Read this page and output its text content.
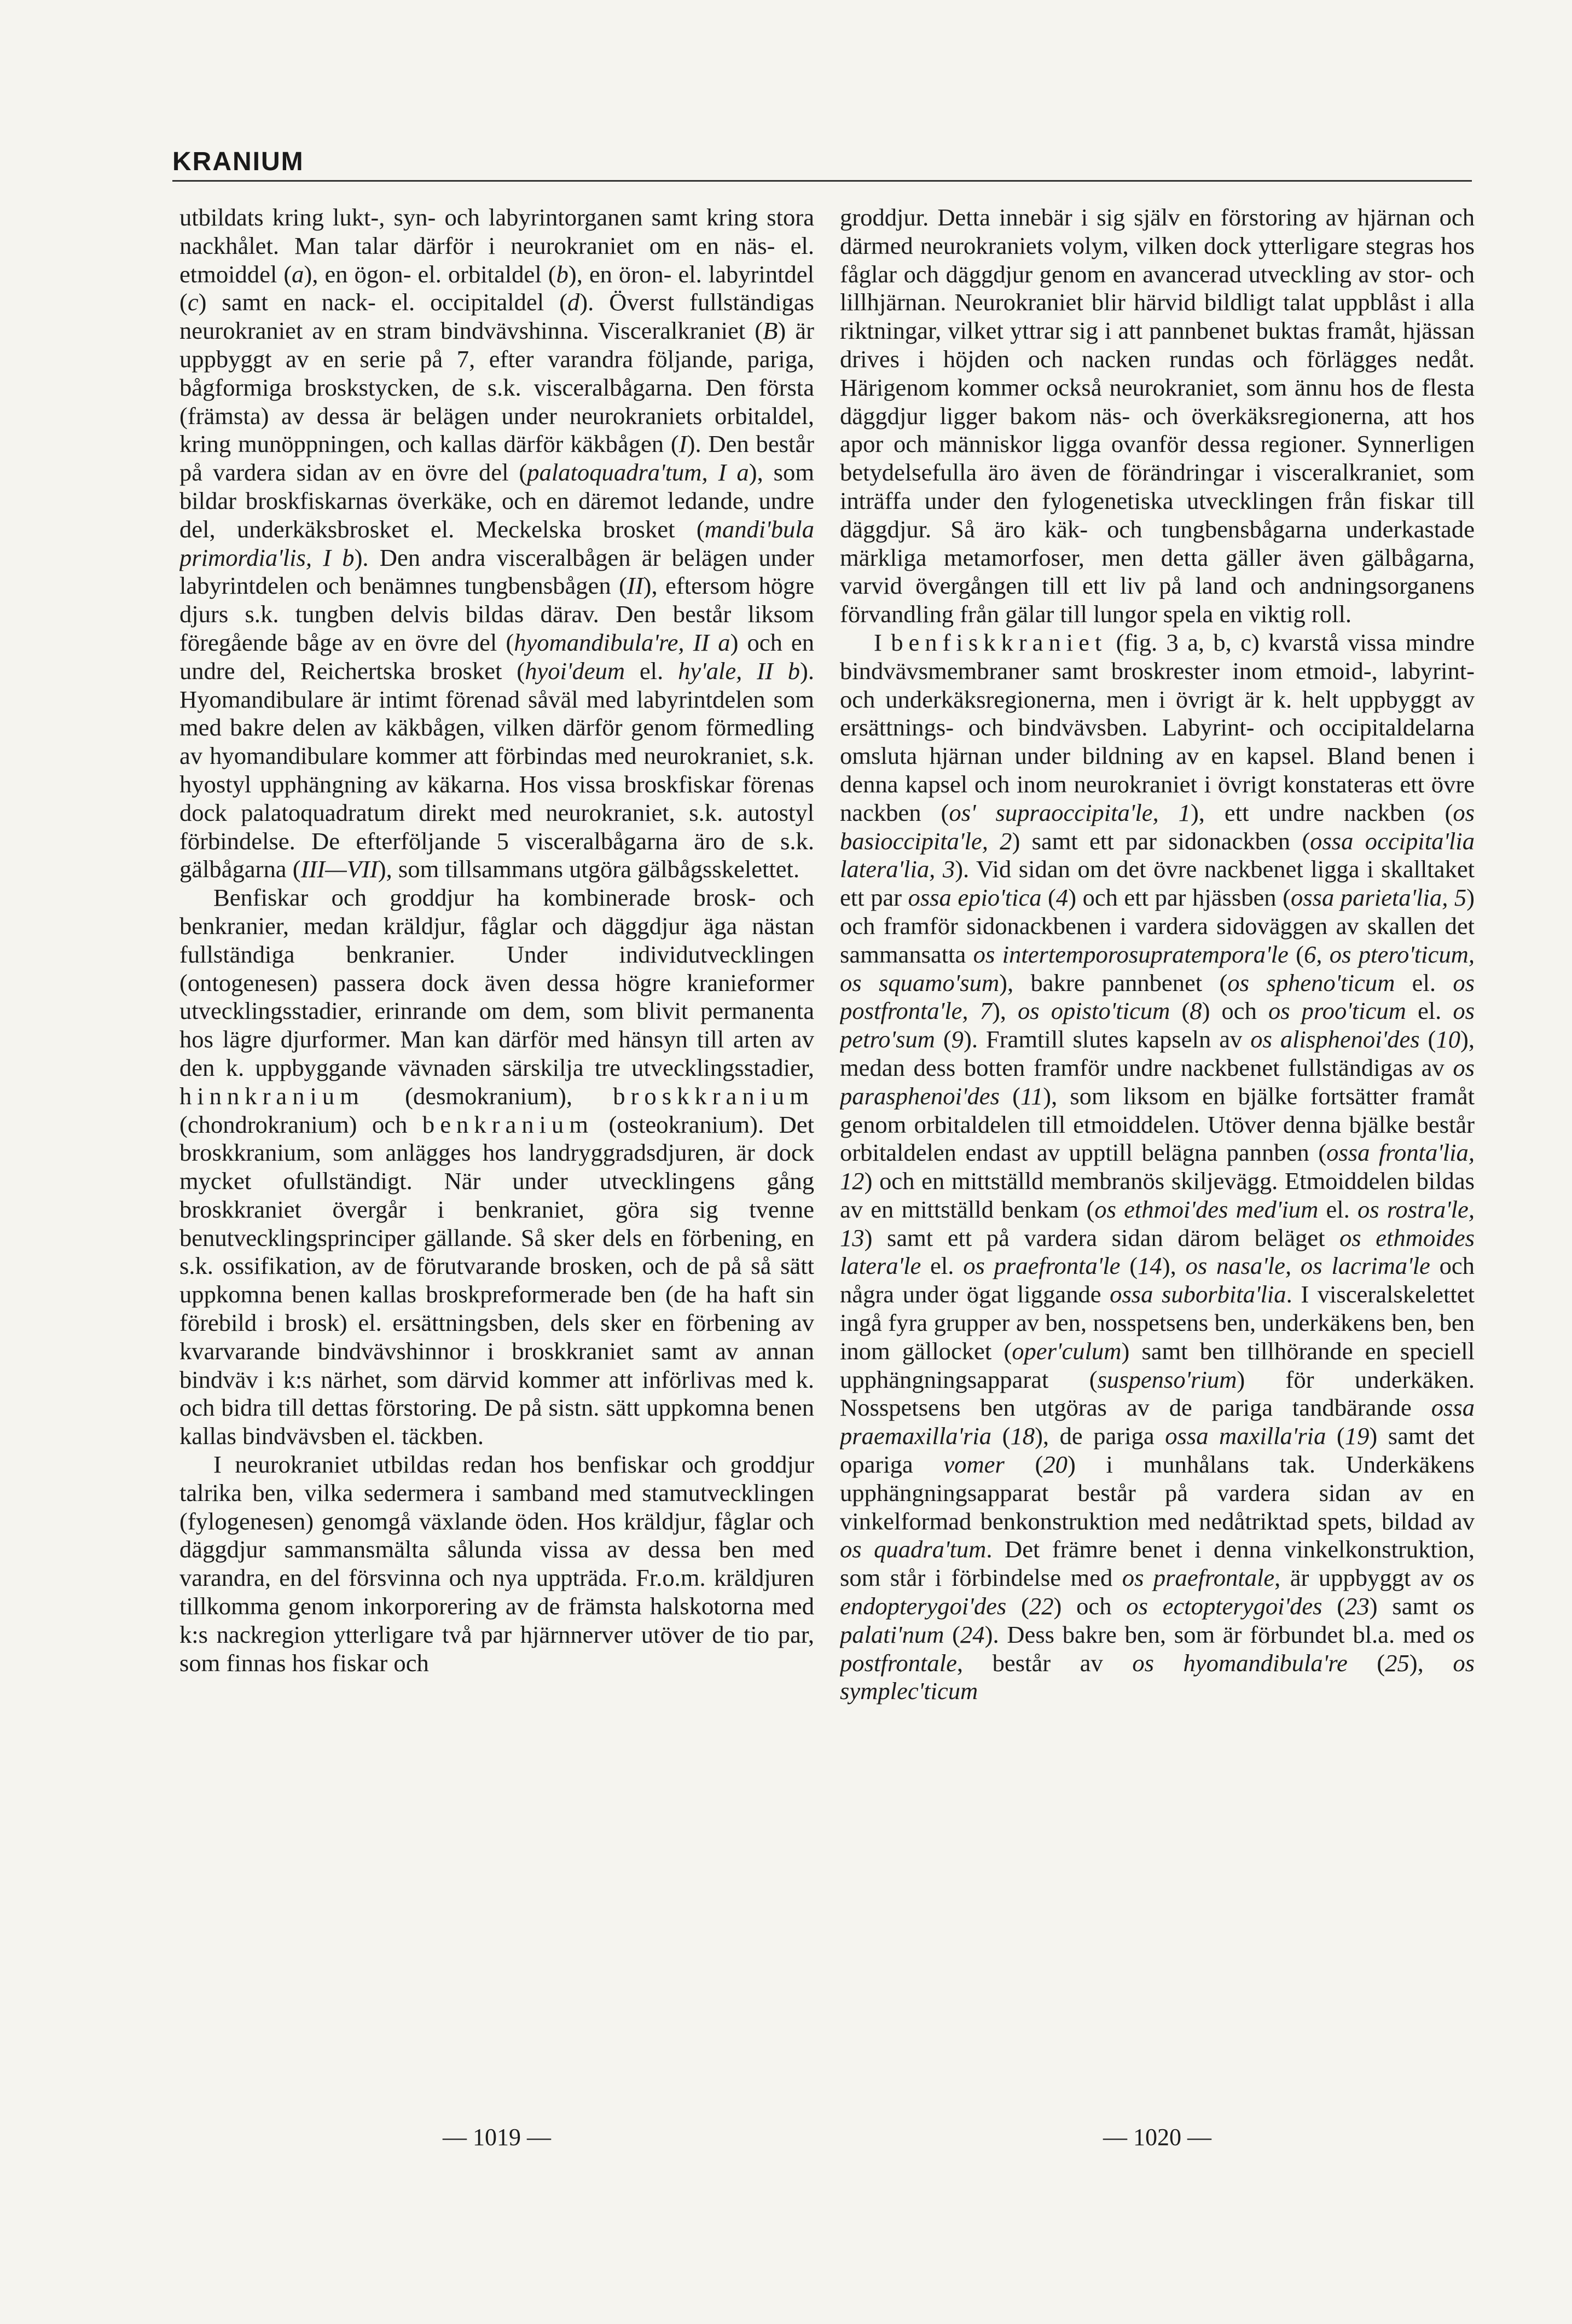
KRANIUM

utbildats kring lukt-, syn- och labyrintorganen samt kring stora nackhålet. Man talar därför i neurokraniet om en näs- el. etmoiddel (a), en ögon- el. orbitaldel (b), en öron- el. labyrintdel (c) samt en nack- el. occipitaldel (d). Överst fullständigas neurokraniet av en stram bindvävshinna. Visceralkraniet (B) är uppbyggt av en serie på 7, efter varandra följande, pariga, bågformiga broskstycken, de s.k. visceralbågarna. Den första (främsta) av dessa är belägen under neurokraniets orbitaldel, kring munöppningen, och kallas därför käkbågen (I). Den består på vardera sidan av en övre del (palatoquadra'tum, I a), som bildar broskfiskarnas överkäke, och en däremot ledande, undre del, underkäksbrosket el. Meckelska brosket (mandi'bula primordia'lis, I b). Den andra visceralbågen är belägen under labyrintdelen och benämnes tungbensbågen (II), eftersom högre djurs s.k. tungben delvis bildas därav. Den består liksom föregående båge av en övre del (hyomandibula're, II a) och en undre del, Reichertska brosket (hyoi'deum el. hy'ale, II b). Hyomandibulare är intimt förenad såväl med labyrintdelen som med bakre delen av käkbågen, vilken därför genom förmedling av hyomandibulare kommer att förbindas med neurokraniet, s.k. hyostyl upphängning av käkarna. Hos vissa broskfiskar förenas dock palatoquadratum direkt med neurokraniet, s.k. autostyl förbindelse. De efterföljande 5 visceralbågarna äro de s.k. gälbågarna (III—VII), som tillsammans utgöra gälbågsskelettet.

Benfiskar och groddjur ha kombinerade brosk- och benkranier, medan kräldjur, fåglar och däggdjur äga nästan fullständiga benkranier. Under individutvecklingen (ontogenesen) passera dock även dessa högre kranieformer utvecklingsstadier, erinrande om dem, som blivit permanenta hos lägre djurformer. Man kan därför med hänsyn till arten av den k. uppbyggande vävnaden särskilja tre utvecklingsstadier, hinnkranium (desmokranium), broskkranium (chondrokranium) och benkranium (osteokranium). Det broskkranium, som anlägges hos landryggradsdjuren, är dock mycket ofullständigt. När under utvecklingens gång broskkraniet övergår i benkraniet, göra sig tvenne benutvecklingsprinciper gällande. Så sker dels en förbening, en s.k. ossifikation, av de förutvarande brosken, och de på så sätt uppkomna benen kallas broskpreformerade ben (de ha haft sin förebild i brosk) el. ersättningsben, dels sker en förbening av kvarvarande bindvävshinnor i broskkraniet samt av annan bindväv i k:s närhet, som därvid kommer att införlivas med k. och bidra till dettas förstoring. De på sistn. sätt uppkomna benen kallas bindvävsben el. täckben.

I neurokraniet utbildas redan hos benfiskar och groddjur talrika ben, vilka sedermera i samband med stamutvecklingen (fylogenesen) genomgå växlande öden. Hos kräldjur, fåglar och däggdjur sammansmälta sålunda vissa av dessa ben med varandra, en del försvinna och nya uppträda. Fr.o.m. kräldjuren tillkomma genom inkorporering av de främsta halskotorna med k:s nackregion ytterligare två par hjärnnerver utöver de tio par, som finnas hos fiskar och

groddjur. Detta innebär i sig själv en förstoring av hjärnan och därmed neurokraniets volym, vilken dock ytterligare stegras hos fåglar och däggdjur genom en avancerad utveckling av stor- och lillhjärnan. Neurokraniet blir härvid bildligt talat uppblåst i alla riktningar, vilket yttrar sig i att pannbenet buktas framåt, hjässan drives i höjden och nacken rundas och förlägges nedåt. Härigenom kommer också neurokraniet, som ännu hos de flesta däggdjur ligger bakom näs- och överkäksregionerna, att hos apor och människor ligga ovanför dessa regioner. Synnerligen betydelsefulla äro även de förändringar i visceralkraniet, som inträffa under den fylogenetiska utvecklingen från fiskar till däggdjur. Så äro käk- och tungbensbågarna underkastade märkliga metamorfoser, men detta gäller även gälbågarna, varvid övergången till ett liv på land och andningsorganens förvandling från gälar till lungor spela en viktig roll.

I benfiskkraniet (fig. 3 a, b, c) kvarstå vissa mindre bindvävsmembraner samt broskrester inom etmoid-, labyrint- och underkäksregionerna, men i övrigt är k. helt uppbyggt av ersättnings- och bindvävsben. Labyrint- och occipitaldelarna omsluta hjärnan under bildning av en kapsel. Bland benen i denna kapsel och inom neurokraniet i övrigt konstateras ett övre nackben (os' supraoccipita'le, 1), ett undre nackben (os basioccipita'le, 2) samt ett par sidonackben (ossa occipita'lia latera'lia, 3). Vid sidan om det övre nackbenet ligga i skalltaket ett par ossa epio'tica (4) och ett par hjässben (ossa parieta'lia, 5) och framför sidonackbenen i vardera sidoväggen av skallen det sammansatta os intertemporosupratempora'le (6, os ptero'ticum, os squamo'sum), bakre pannbenet (os spheno'ticum el. os postfronta'le, 7), os opisto'ticum (8) och os proo'ticum el. os petro'sum (9). Framtill slutes kapseln av os alisphenoi'des (10), medan dess botten framför undre nackbenet fullständigas av os parasphenoi'des (11), som liksom en bjälke fortsätter framåt genom orbitaldelen till etmoiddelen. Utöver denna bjälke består orbitaldelen endast av upptill belägna pannben (ossa fronta'lia, 12) och en mittställd membranös skiljevägg. Etmoiddelen bildas av en mittställd benkam (os ethmoi'des med'ium el. os rostra'le, 13) samt ett på vardera sidan därom beläget os ethmoides latera'le el. os praefronta'le (14), os nasa'le, os lacrima'le och några under ögat liggande ossa suborbita'lia. I visceralskelettet ingå fyra grupper av ben, nosspetsens ben, underkäkens ben, ben inom gällocket (oper'culum) samt ben tillhörande en speciell upphängningsapparat (suspenso'rium) för underkäken. Nosspetsens ben utgöras av de pariga tandbärande ossa praemaxilla'ria (18), de pariga ossa maxilla'ria (19) samt det opariga vomer (20) i munhålans tak. Underkäkens upphängningsapparat består på vardera sidan av en vinkelformad benkonstruktion med nedåtriktad spets, bildad av os quadra'tum. Det främre benet i denna vinkelkonstruktion, som står i förbindelse med os praefrontale, är uppbyggt av os endopterygoi'des (22) och os ectopterygoi'des (23) samt os palati'num (24). Dess bakre ben, som är förbundet bl.a. med os postfrontale, består av os hyomandibula're (25), os symplec'ticum

— 1019 —	— 1020 —
